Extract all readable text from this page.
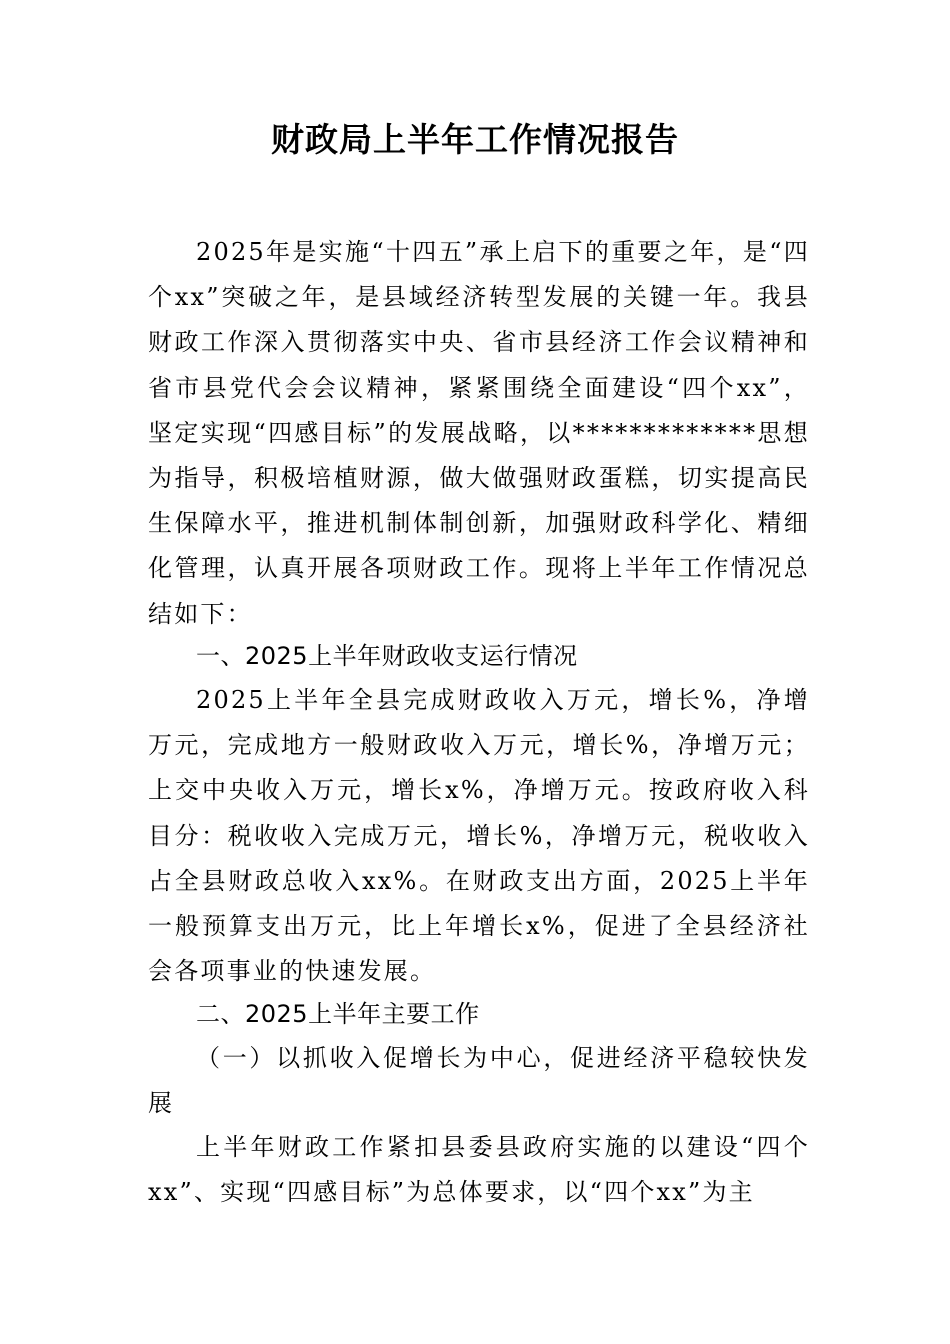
财政局上半年工作情况报告

2025年是实施“十四五”承上启下的重要之年，是“四个xx”突破之年，是县域经济转型发展的关键一年。我县财政工作深入贯彻落实中央、省市县经济工作会议精神和省市县党代会会议精神，紧紧围绕全面建设“四个xx”，坚定实现“四感目标”的发展战略，以*************思想为指导，积极培植财源，做大做强财政蛋糕，切实提高民生保障水平，推进机制体制创新，加强财政科学化、精细化管理，认真开展各项财政工作。现将上半年工作情况总结如下：

一、2025上半年财政收支运行情况

2025上半年全县完成财政收入万元，增长%，净增万元，完成地方一般财政收入万元，增长%，净增万元；上交中央收入万元，增长x%，净增万元。按政府收入科目分：税收收入完成万元，增长%，净增万元，税收收入占全县财政总收入xx%。在财政支出方面，2025上半年一般预算支出万元，比上年增长x%，促进了全县经济社会各项事业的快速发展。

二、2025上半年主要工作

（一）以抓收入促增长为中心，促进经济平稳较快发展

上半年财政工作紧扣县委县政府实施的以建设“四个xx”、实现“四感目标”为总体要求，以“四个xx”为主
